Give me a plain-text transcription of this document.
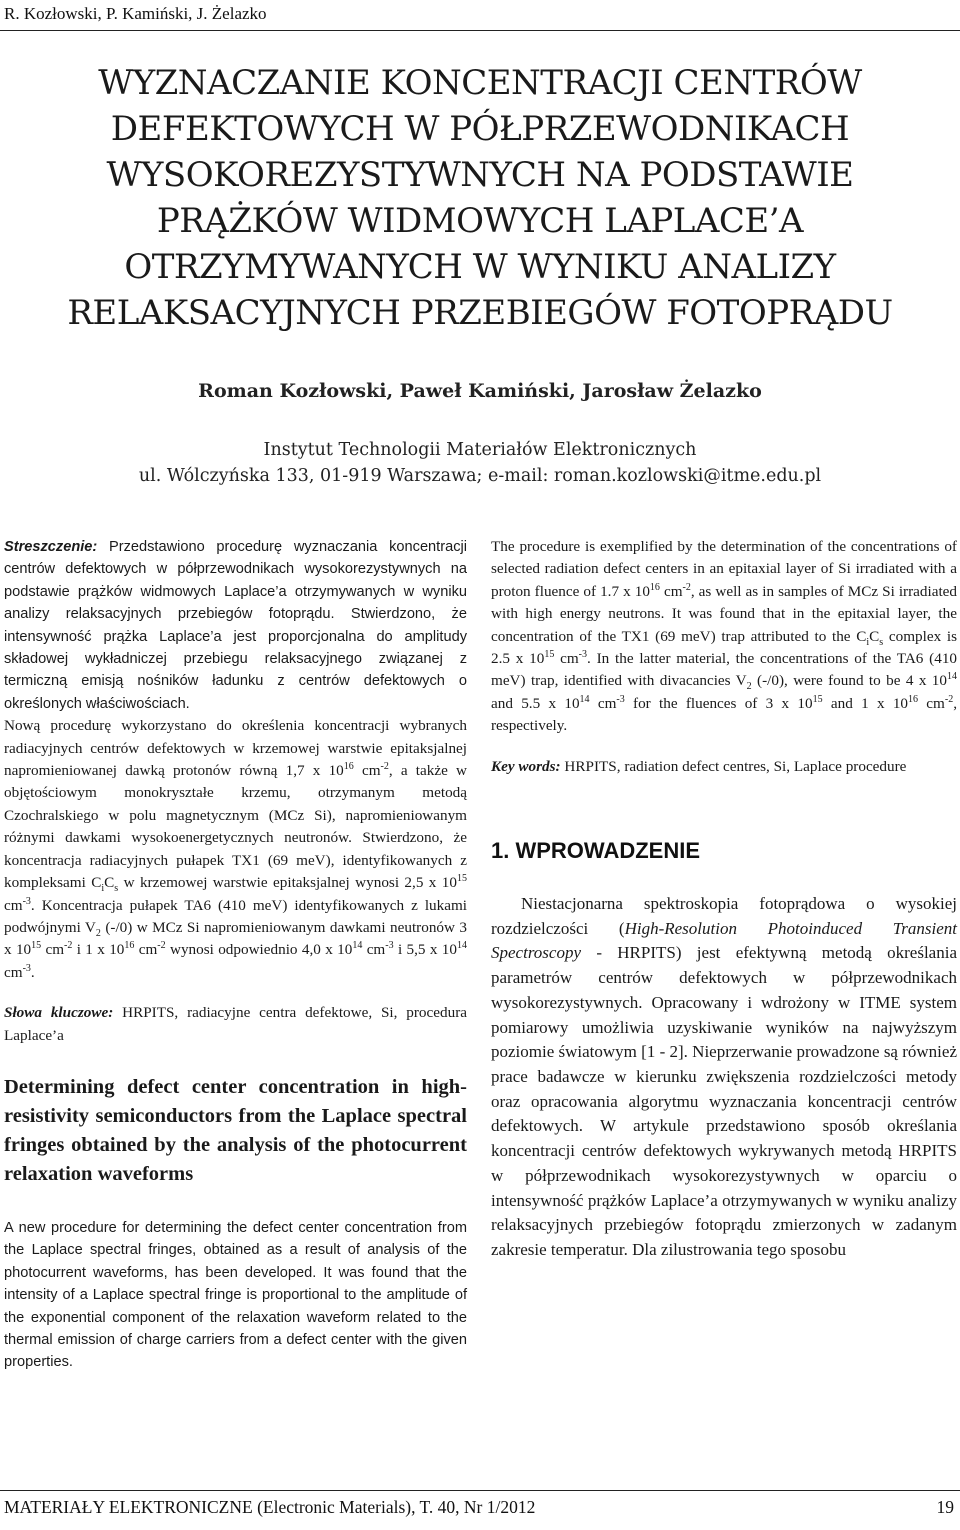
R. Kozłowski, P. Kamiński, J. Żelazko
WYZNACZANIE KONCENTRACJI CENTRÓW
DEFEKTOWYCH W PÓŁPRZEWODNIKACH
WYSOKOREZYSTYWNYCH NA PODSTAWIE
PRĄŻKÓW WIDMOWYCH LAPLACE’A
OTRZYMYWANYCH W WYNIKU ANALIZY
RELAKSACYJNYCH PRZEBIEGÓW FOTOPRĄDU
Roman Kozłowski, Paweł Kamiński, Jarosław Żelazko
Instytut Technologii Materiałów Elektronicznych
ul. Wólczyńska 133, 01-919 Warszawa; e-mail: roman.kozlowski@itme.edu.pl

Streszczenie: Przedstawiono procedurę wyznaczania koncentracji centrów defektowych w półprzewodnikach wysokorezystywnych na podstawie prążków widmowych Laplace’a otrzymywanych w wyniku analizy relaksacyjnych przebiegów fotoprądu. Stwierdzono, że intensywność prążka Laplace’a jest proporcjonalna do amplitudy składowej wykładniczej przebiegu relaksacyjnego związanej z termiczną emisją nośników ładunku z centrów defektowych o określonych właściwościach.

Nową procedurę wykorzystano do określenia koncentracji wybranych radiacyjnych centrów defektowych w krzemowej warstwie epitaksjalnej napromieniowanej dawką protonów równą 1,7 x $10^{16}$ $cm^{-2}$, a także w objętościowym monokryształe krzemu, otrzymanym metodą Czochralskiego w polu magnetycznym (MCz Si), napromieniowanym różnymi dawkami wysokoenergetycznych neutronów. Stwierdzono, że koncentracja radiacyjnych pułapek TX1 (69 meV), identyfikowanych z kompleksami $C_iC_s$ w krzemowej warstwie epitaksjalnej wynosi 2,5 x $10^{15}$ $cm^{-3}$. Koncentracja pułapek TA6 (410 meV) identyfikowanych z lukami podwójnymi $V_2$ (-/0) w MCz Si napromieniowanym dawkami neutronów 3 x $10^{15}$ $cm^{-2}$ i 1 x $10^{16}$ $cm^{-2}$ wynosi odpowiednio 4,0 x $10^{14}$ $cm^{-3}$ i 5,5 x $10^{14}$ $cm^{-3}$.

Słowa kluczowe: HRPITS, radiacyjne centra defektowe, Si, procedura Laplace’a

Determining defect center concentration in high-resistivity semiconductors from the Laplace spectral fringes obtained by the analysis of the photocurrent relaxation waveforms

A new procedure for determining the defect center concentration from the Laplace spectral fringes, obtained as a result of analysis of the photocurrent waveforms, has been developed. It was found that the intensity of a Laplace spectral fringe is proportional to the amplitude of the exponential component of the relaxation waveform related to the thermal emission of charge carriers from a defect center with the given properties.

The procedure is exemplified by the determination of the concentrations of selected radiation defect centers in an epitaxial layer of Si irradiated with a proton fluence of 1.7 x $10^{16}$ $cm^{-2}$, as well as in samples of MCz Si irradiated with high energy neutrons. It was found that in the epitaxial layer, the concentration of the TX1 (69 meV) trap attributed to the $C_iC_s$ complex is 2.5 x $10^{15}$ $cm^{-3}$. In the latter material, the concentrations of the TA6 (410 meV) trap, identified with divacancies $V_2$ (-/0), were found to be 4 x $10^{14}$ and 5.5 x $10^{14}$ $cm^{-3}$ for the fluences of 3 x $10^{15}$ and 1 x $10^{16}$ $cm^{-2}$, respectively.

Key words: HRPITS, radiation defect centres, Si, Laplace procedure

1. WPROWADZENIE

Niestacjonarna spektroskopia fotoprądowa o wysokiej rozdzielczości (High-Resolution Photoinduced Transient Spectroscopy - HRPITS) jest efektywną metodą określania parametrów centrów defektowych w półprzewodnikach wysokorezystywnych. Opracowany i wdrożony w ITME system pomiarowy umożliwia uzyskiwanie wyników na najwyższym poziomie światowym [1 - 2]. Nieprzerwanie prowadzone są również prace badawcze w kierunku zwiększenia rozdzielczości metody oraz opracowania algorytmu wyznaczania koncentracji centrów defektowych. W artykule przedstawiono sposób określania koncentracji centrów defektowych wykrywanych metodą HRPITS w półprzewodnikach wysokorezystywnych w oparciu o intensywność prążków Laplace’a otrzymywanych w wyniku analizy relaksacyjnych przebiegów fotoprądu zmierzonych w zadanym zakresie temperatur. Dla zilustrowania tego sposobu

MATERIAŁY ELEKTRONICZNE (Electronic Materials), T. 40, Nr 1/2012	19
